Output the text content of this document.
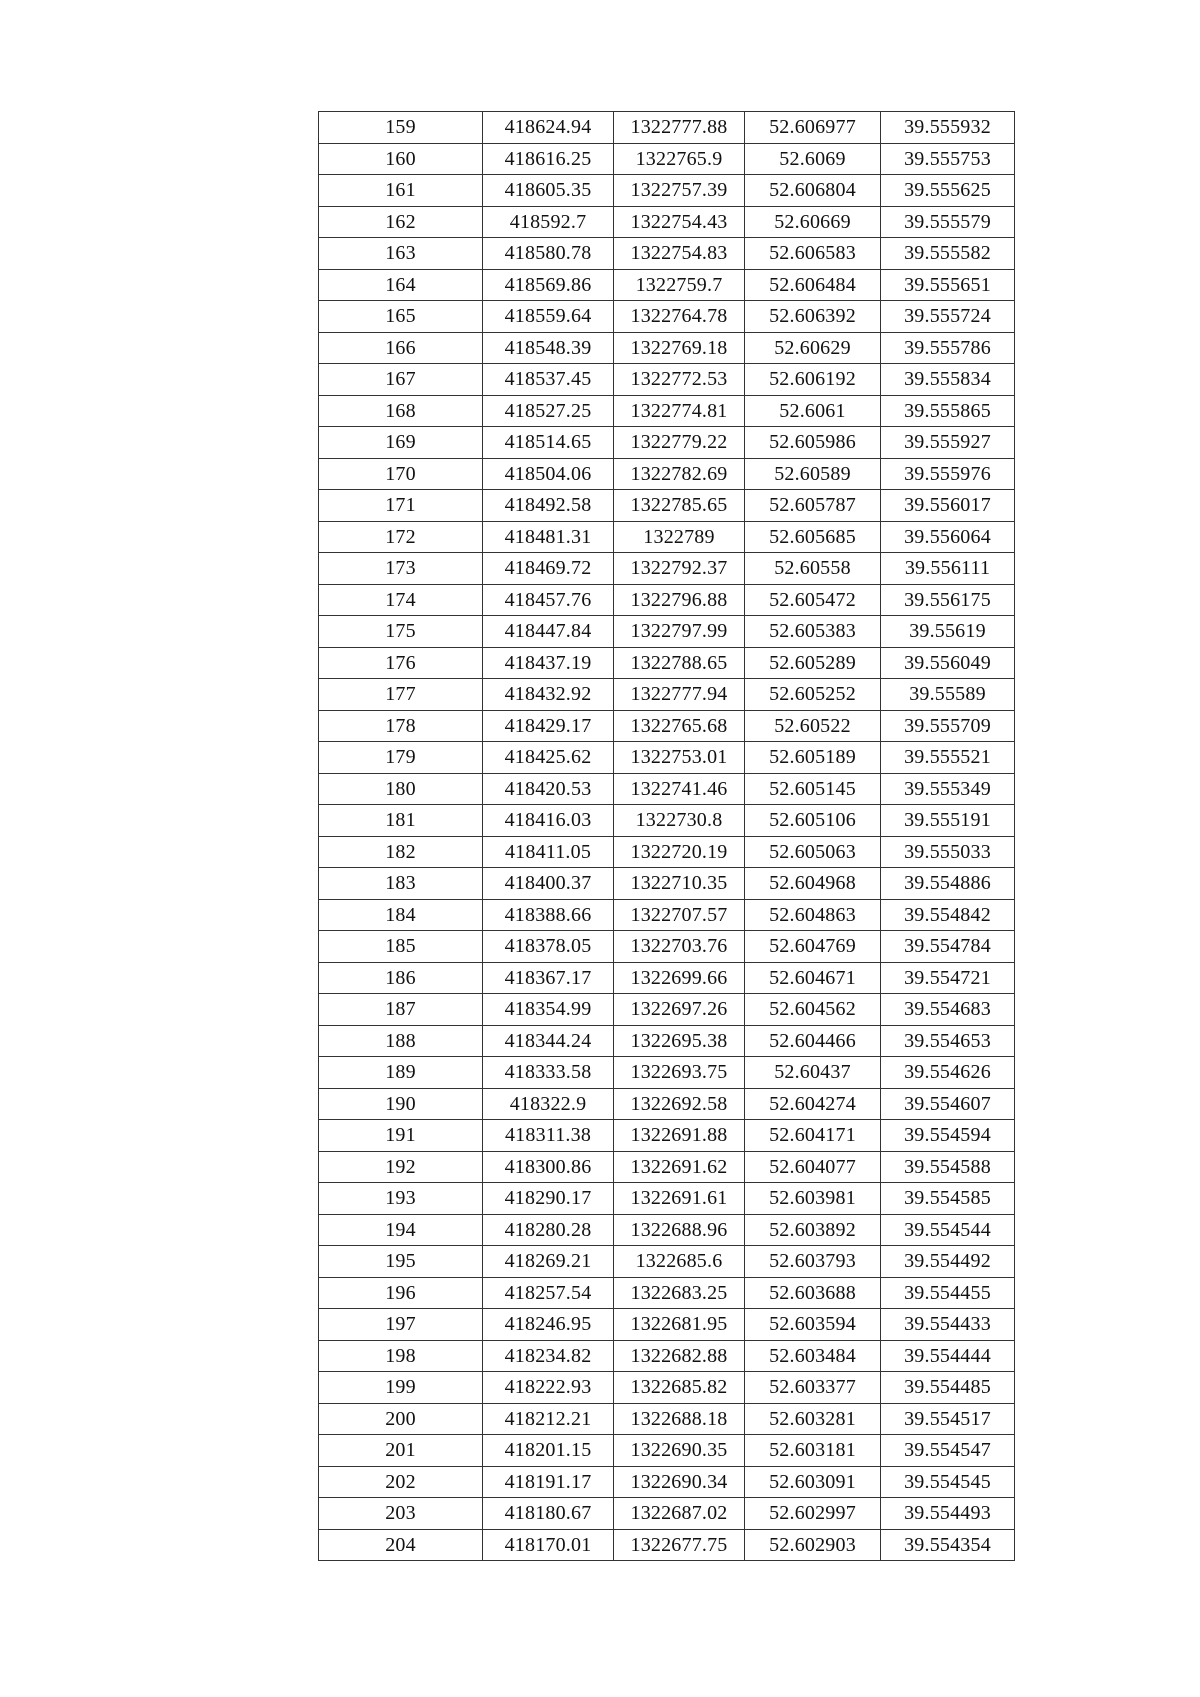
159	418624.94	1322777.88	52.606977	39.555932
160	418616.25	1322765.9	52.6069	39.555753
161	418605.35	1322757.39	52.606804	39.555625
162	418592.7	1322754.43	52.60669	39.555579
163	418580.78	1322754.83	52.606583	39.555582
164	418569.86	1322759.7	52.606484	39.555651
165	418559.64	1322764.78	52.606392	39.555724
166	418548.39	1322769.18	52.60629	39.555786
167	418537.45	1322772.53	52.606192	39.555834
168	418527.25	1322774.81	52.6061	39.555865
169	418514.65	1322779.22	52.605986	39.555927
170	418504.06	1322782.69	52.60589	39.555976
171	418492.58	1322785.65	52.605787	39.556017
172	418481.31	1322789	52.605685	39.556064
173	418469.72	1322792.37	52.60558	39.556111
174	418457.76	1322796.88	52.605472	39.556175
175	418447.84	1322797.99	52.605383	39.55619
176	418437.19	1322788.65	52.605289	39.556049
177	418432.92	1322777.94	52.605252	39.55589
178	418429.17	1322765.68	52.60522	39.555709
179	418425.62	1322753.01	52.605189	39.555521
180	418420.53	1322741.46	52.605145	39.555349
181	418416.03	1322730.8	52.605106	39.555191
182	418411.05	1322720.19	52.605063	39.555033
183	418400.37	1322710.35	52.604968	39.554886
184	418388.66	1322707.57	52.604863	39.554842
185	418378.05	1322703.76	52.604769	39.554784
186	418367.17	1322699.66	52.604671	39.554721
187	418354.99	1322697.26	52.604562	39.554683
188	418344.24	1322695.38	52.604466	39.554653
189	418333.58	1322693.75	52.60437	39.554626
190	418322.9	1322692.58	52.604274	39.554607
191	418311.38	1322691.88	52.604171	39.554594
192	418300.86	1322691.62	52.604077	39.554588
193	418290.17	1322691.61	52.603981	39.554585
194	418280.28	1322688.96	52.603892	39.554544
195	418269.21	1322685.6	52.603793	39.554492
196	418257.54	1322683.25	52.603688	39.554455
197	418246.95	1322681.95	52.603594	39.554433
198	418234.82	1322682.88	52.603484	39.554444
199	418222.93	1322685.82	52.603377	39.554485
200	418212.21	1322688.18	52.603281	39.554517
201	418201.15	1322690.35	52.603181	39.554547
202	418191.17	1322690.34	52.603091	39.554545
203	418180.67	1322687.02	52.602997	39.554493
204	418170.01	1322677.75	52.602903	39.554354
